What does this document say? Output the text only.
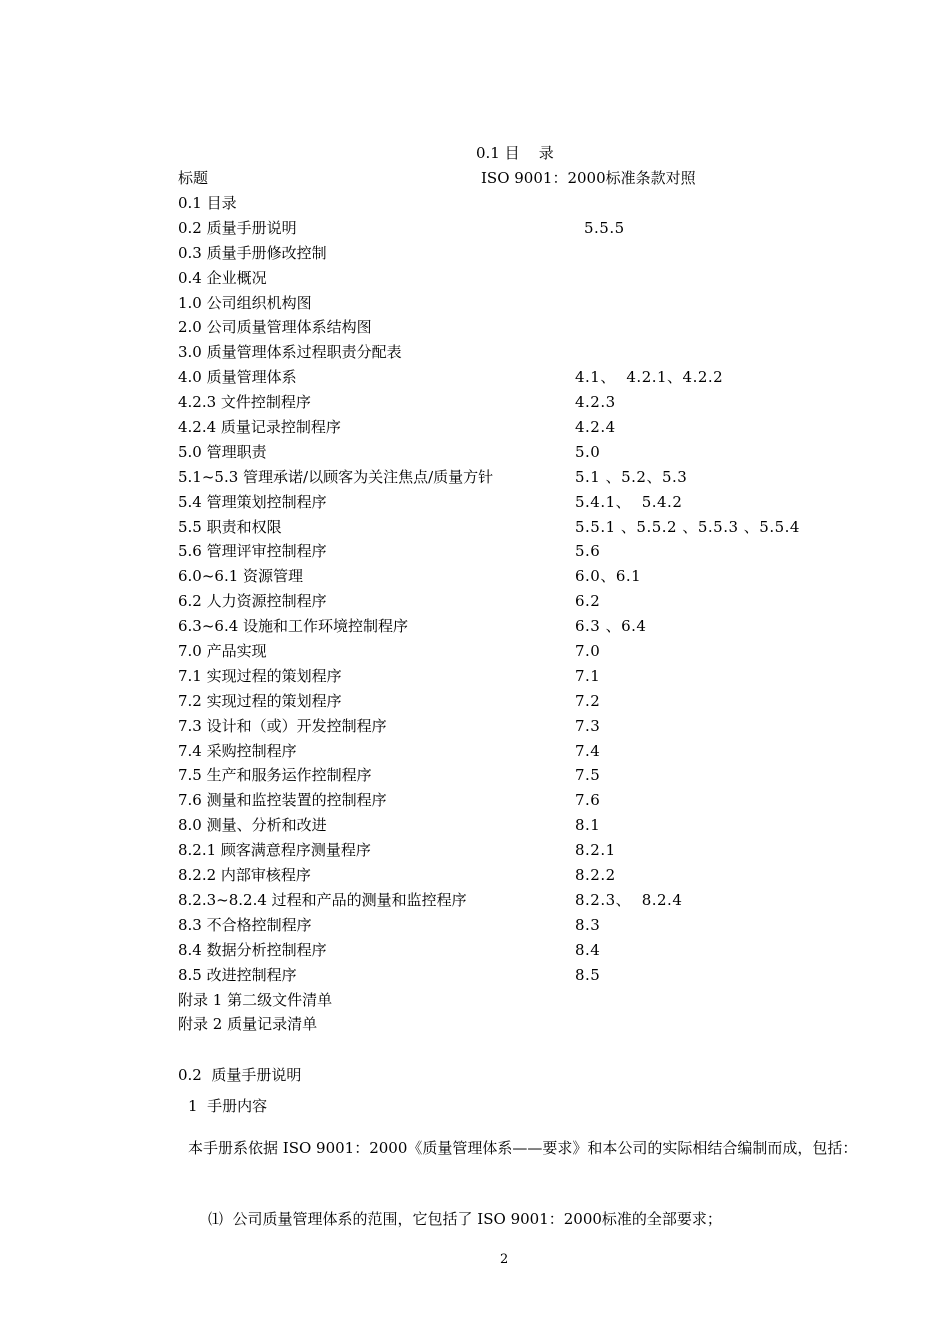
0.1 目    录
标题	ISO 9001：2000标准条款对照
0.1 目录
0.2 质量手册说明	5.5.5
0.3 质量手册修改控制
0.4 企业概况
1.0 公司组织机构图
2.0 公司质量管理体系结构图
3.0 质量管理体系过程职责分配表
4.0 质量管理体系	4.1、  4.2.1、4.2.2
4.2.3 文件控制程序	4.2.3
4.2.4 质量记录控制程序	4.2.4
5.0 管理职责	5.0
5.1~5.3 管理承诺/以顾客为关注焦点/质量方针	5.1 、5.2、5.3
5.4 管理策划控制程序	5.4.1、  5.4.2
5.5 职责和权限	5.5.1 、5.5.2 、5.5.3 、5.5.4
5.6 管理评审控制程序	5.6
6.0~6.1 资源管理	6.0、6.1
6.2 人力资源控制程序	6.2
6.3~6.4 设施和工作环境控制程序	6.3 、6.4
7.0 产品实现	7.0
7.1 实现过程的策划程序	7.1
7.2 实现过程的策划程序	7.2
7.3 设计和（或）开发控制程序	7.3
7.4 采购控制程序	7.4
7.5 生产和服务运作控制程序	7.5
7.6 测量和监控装置的控制程序	7.6
8.0 测量、分析和改进	8.1
8.2.1 顾客满意程序测量程序	8.2.1
8.2.2 内部审核程序	8.2.2
8.2.3~8.2.4 过程和产品的测量和监控程序	8.2.3、  8.2.4
8.3 不合格控制程序	8.3
8.4 数据分析控制程序	8.4
8.5 改进控制程序	8.5
附录 1 第二级文件清单
附录 2 质量记录清单
0.2  质量手册说明
1  手册内容

本手册系依据 ISO 9001：2000《质量管理体系——要求》和本公司的实际相结合编制而成，包括：

⑴  公司质量管理体系的范围，它包括了 ISO 9001：2000标准的全部要求；
2
